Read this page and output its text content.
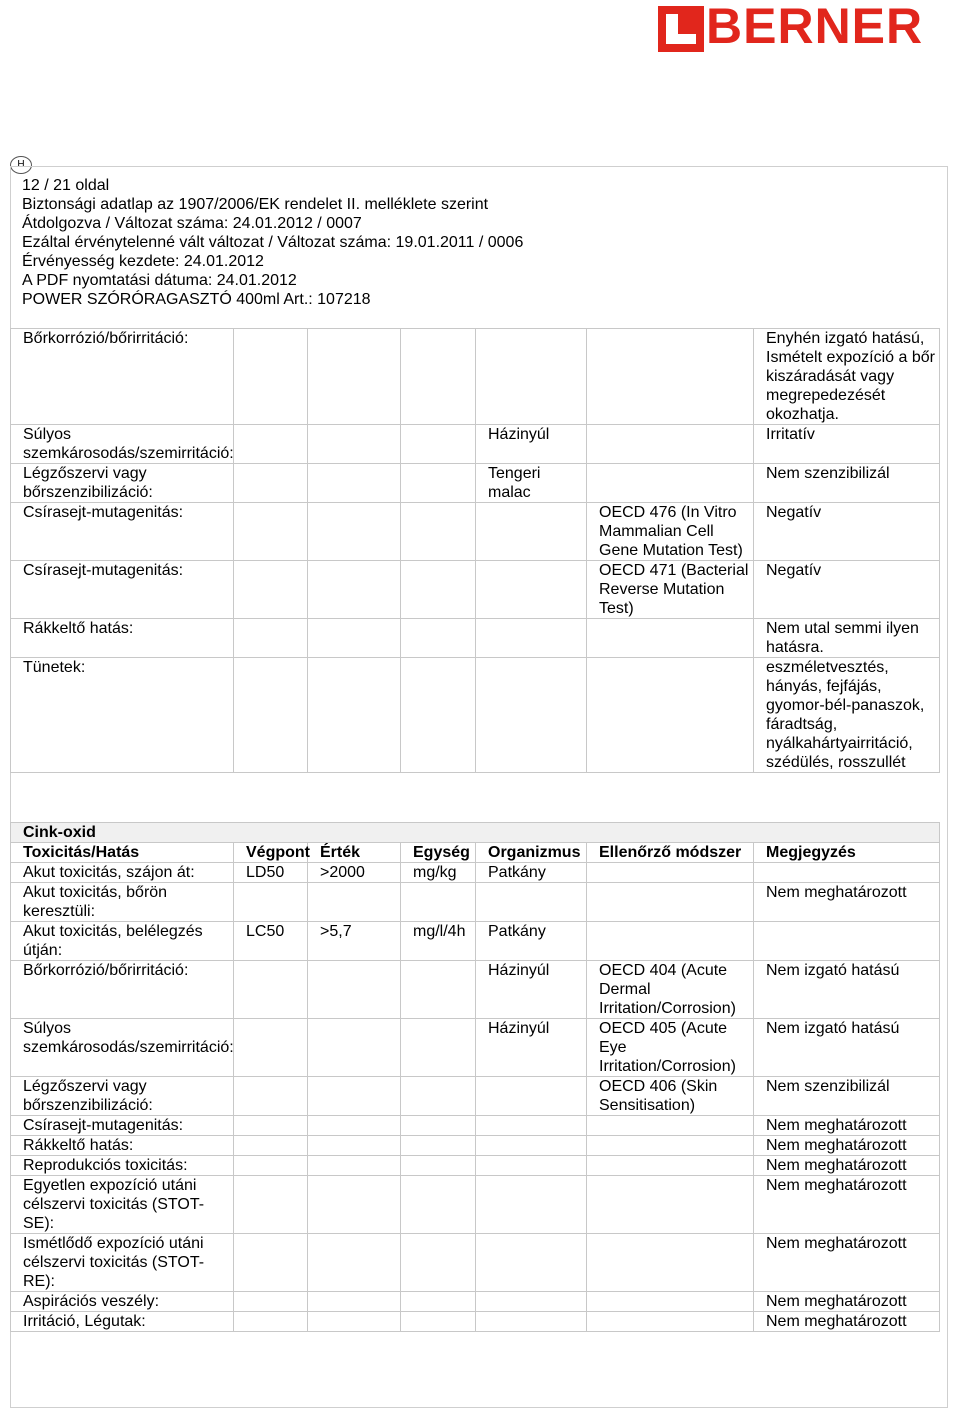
BERNER
H
12 / 21 oldal
Biztonsági adatlap az 1907/2006/EK rendelet II. melléklete szerint
Átdolgozva / Változat száma: 24.01.2012 / 0007
Ezáltal érvénytelenné vált változat / Változat száma: 19.01.2011 / 0006
Érvényesség kezdete: 24.01.2012
A PDF nyomtatási dátuma: 24.01.2012
POWER SZÓRÓRAGASZTÓ 400ml Art.: 107218
Bőrkorrózió/bőrirritáció:						Enyhén izgató hatású, Ismételt expozíció a bőr kiszáradását vagy megrepedezését okozhatja.
Súlyos szemkárosodás/szemirritáció:				Házinyúl		Irritatív
Légzőszervi vagy bőrszenzibilizáció:				Tengeri malac		Nem szenzibilizál
Csírasejt-mutagenitás:					OECD 476 (In Vitro Mammalian Cell Gene Mutation Test)	Negatív
Csírasejt-mutagenitás:					OECD 471 (Bacterial Reverse Mutation Test)	Negatív
Rákkeltő hatás:						Nem utal semmi ilyen hatásra.
Tünetek:						eszméletvesztés, hányás, fejfájás, gyomor-bél-panaszok, fáradtság, nyálkahártyairritáció, szédülés, rosszullét
Cink-oxid						
Toxicitás/Hatás	Végpont	Érték	Egység	Organizmus	Ellenőrző módszer	Megjegyzés
Akut toxicitás, szájon át:	LD50	>2000	mg/kg	Patkány		
Akut toxicitás, bőrön keresztüli:						Nem meghatározott
Akut toxicitás, belélegzés útján:	LC50	>5,7	mg/l/4h	Patkány		
Bőrkorrózió/bőrirritáció:				Házinyúl	OECD 404 (Acute Dermal Irritation/Corrosion)	Nem izgató hatású
Súlyos szemkárosodás/szemirritáció:				Házinyúl	OECD 405 (Acute Eye Irritation/Corrosion)	Nem izgató hatású
Légzőszervi vagy bőrszenzibilizáció:					OECD 406 (Skin Sensitisation)	Nem szenzibilizál
Csírasejt-mutagenitás:						Nem meghatározott
Rákkeltő hatás:						Nem meghatározott
Reprodukciós toxicitás:						Nem meghatározott
Egyetlen expozíció utáni célszervi toxicitás (STOT-SE):						Nem meghatározott
Ismétlődő expozíció utáni célszervi toxicitás (STOT-RE):						Nem meghatározott
Aspirációs veszély:						Nem meghatározott
Irritáció, Légutak:						Nem meghatározott
